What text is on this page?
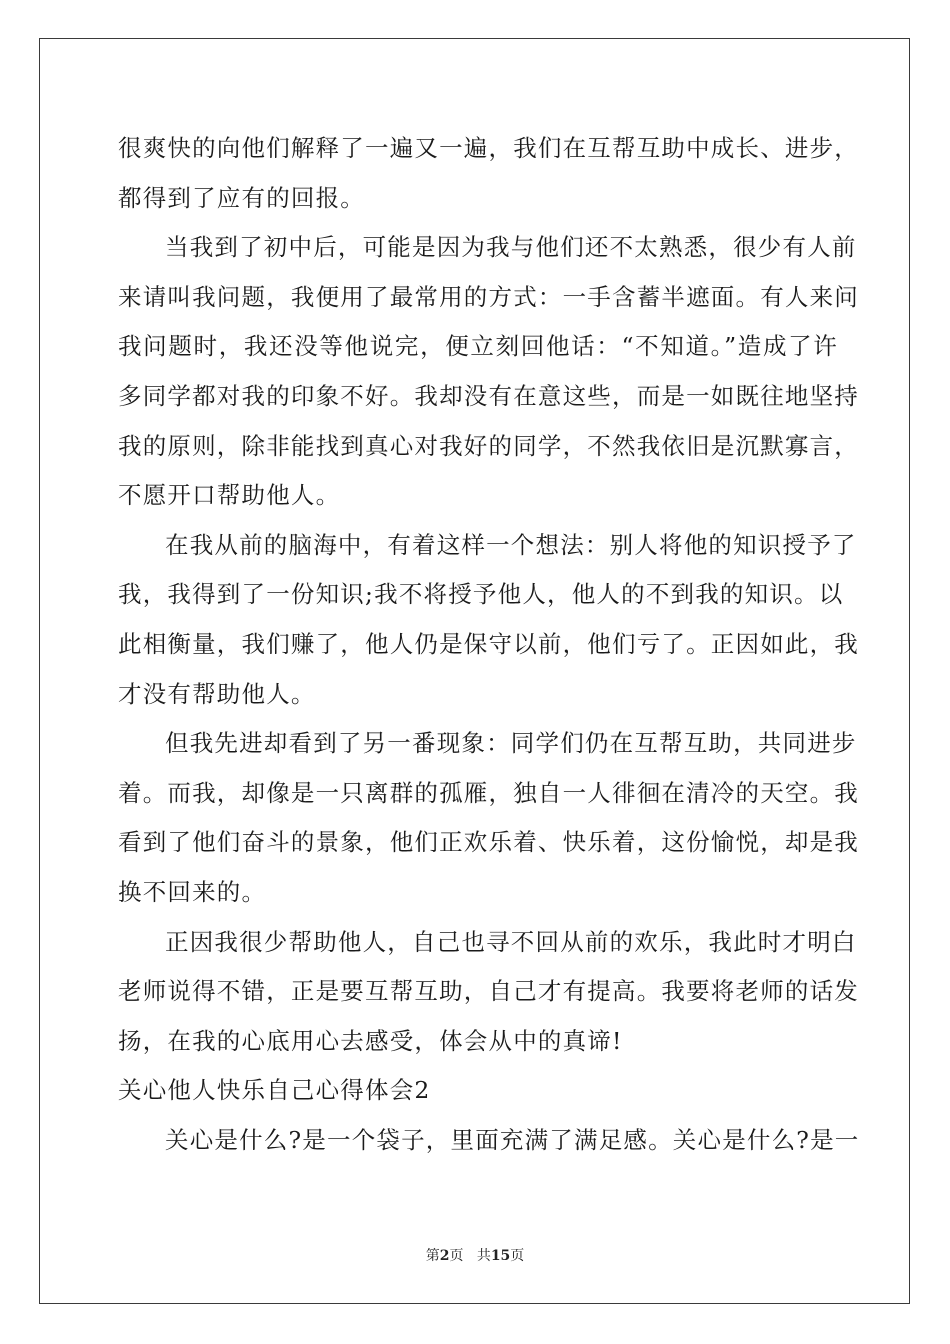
很爽快的向他们解释了一遍又一遍，我们在互帮互助中成长、进步，
都得到了应有的回报。
当我到了初中后，可能是因为我与他们还不太熟悉，很少有人前
来请叫我问题，我便用了最常用的方式：一手含蓄半遮面。有人来问
我问题时，我还没等他说完，便立刻回他话：“不知道。”造成了许
多同学都对我的印象不好。我却没有在意这些，而是一如既往地坚持
我的原则，除非能找到真心对我好的同学，不然我依旧是沉默寡言，
不愿开口帮助他人。
在我从前的脑海中，有着这样一个想法：别人将他的知识授予了
我，我得到了一份知识;我不将授予他人，他人的不到我的知识。以
此相衡量，我们赚了，他人仍是保守以前，他们亏了。正因如此，我
才没有帮助他人。
但我先进却看到了另一番现象：同学们仍在互帮互助，共同进步
着。而我，却像是一只离群的孤雁，独自一人徘徊在清冷的天空。我
看到了他们奋斗的景象，他们正欢乐着、快乐着，这份愉悦，却是我
换不回来的。
正因我很少帮助他人，自己也寻不回从前的欢乐，我此时才明白
老师说得不错，正是要互帮互助，自己才有提高。我要将老师的话发
扬，在我的心底用心去感受，体会从中的真谛!
关心他人快乐自己心得体会2
关心是什么?是一个袋子，里面充满了满足感。关心是什么?是一
第2页 共15页
